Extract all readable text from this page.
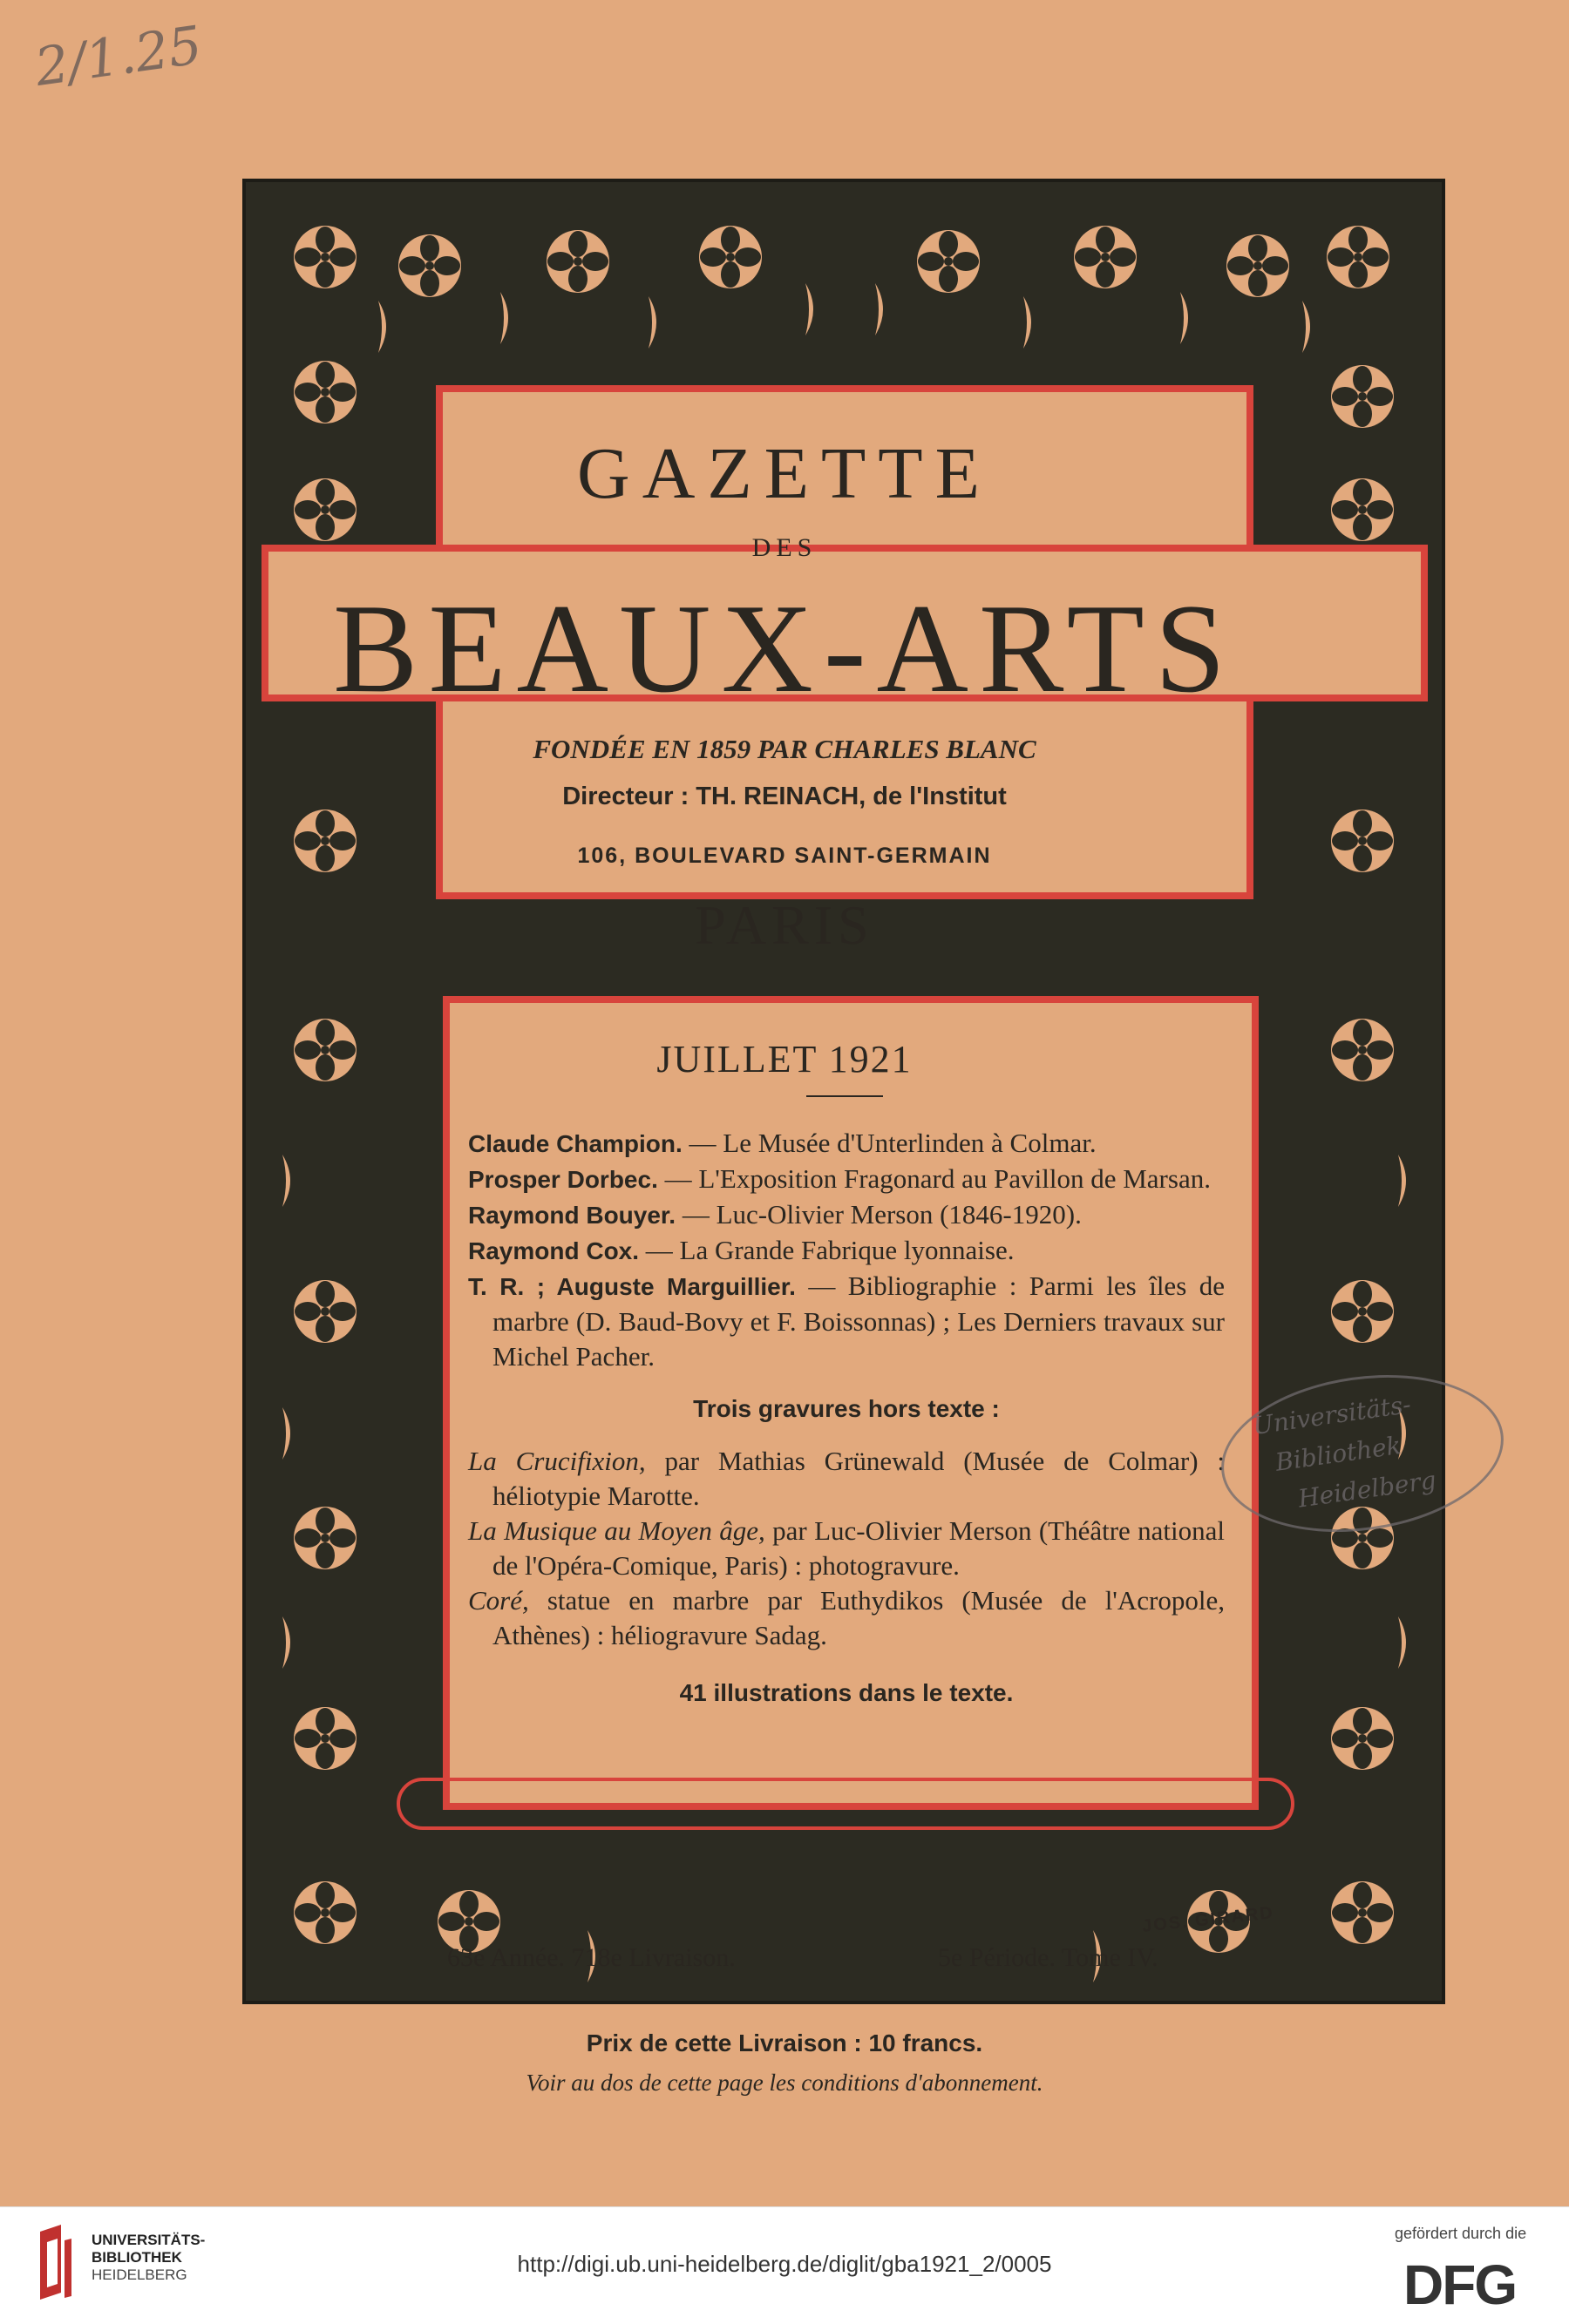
2/1.25
GAZETTE
DES
BEAUX-ARTS
FONDÉE EN 1859 PAR CHARLES BLANC
Directeur : TH. REINACH, de l'Institut
106, BOULEVARD SAINT-GERMAIN
PARIS
JUILLET 1921
Claude Champion. — Le Musée d'Unterlinden à Colmar.
Prosper Dorbec. — L'Exposition Fragonard au Pavillon de Marsan.
Raymond Bouyer. — Luc-Olivier Merson (1846-1920).
Raymond Cox. — La Grande Fabrique lyonnaise.
T. R. ; Auguste Marguillier. — Bibliographie : Parmi les îles de marbre (D. Baud-Bovy et F. Boissonnas) ; Les Derniers travaux sur Michel Pacher.
Trois gravures hors texte :
La Crucifixion, par Mathias Grünewald (Musée de Colmar) : héliotypie Marotte.
La Musique au Moyen âge, par Luc-Olivier Merson (Théâtre national de l'Opéra-Comique, Paris) : photogravure.
Coré, statue en marbre par Euthydikos (Musée de l'Acropole, Athènes) : héliogravure Sadag.
41 illustrations dans le texte.
JOS. GIRARD
63e Année. 718e Livraison.	5e Période. Tome IV.
Universitäts-
Bibliothek
Heidelberg
Prix de cette Livraison : 10 francs.
Voir au dos de cette page les conditions d'abonnement.
UNIVERSITÄTS-
BIBLIOTHEK
HEIDELBERG	http://digi.ub.uni-heidelberg.de/diglit/gba1921_2/0005
gefördert durch die
DFG
